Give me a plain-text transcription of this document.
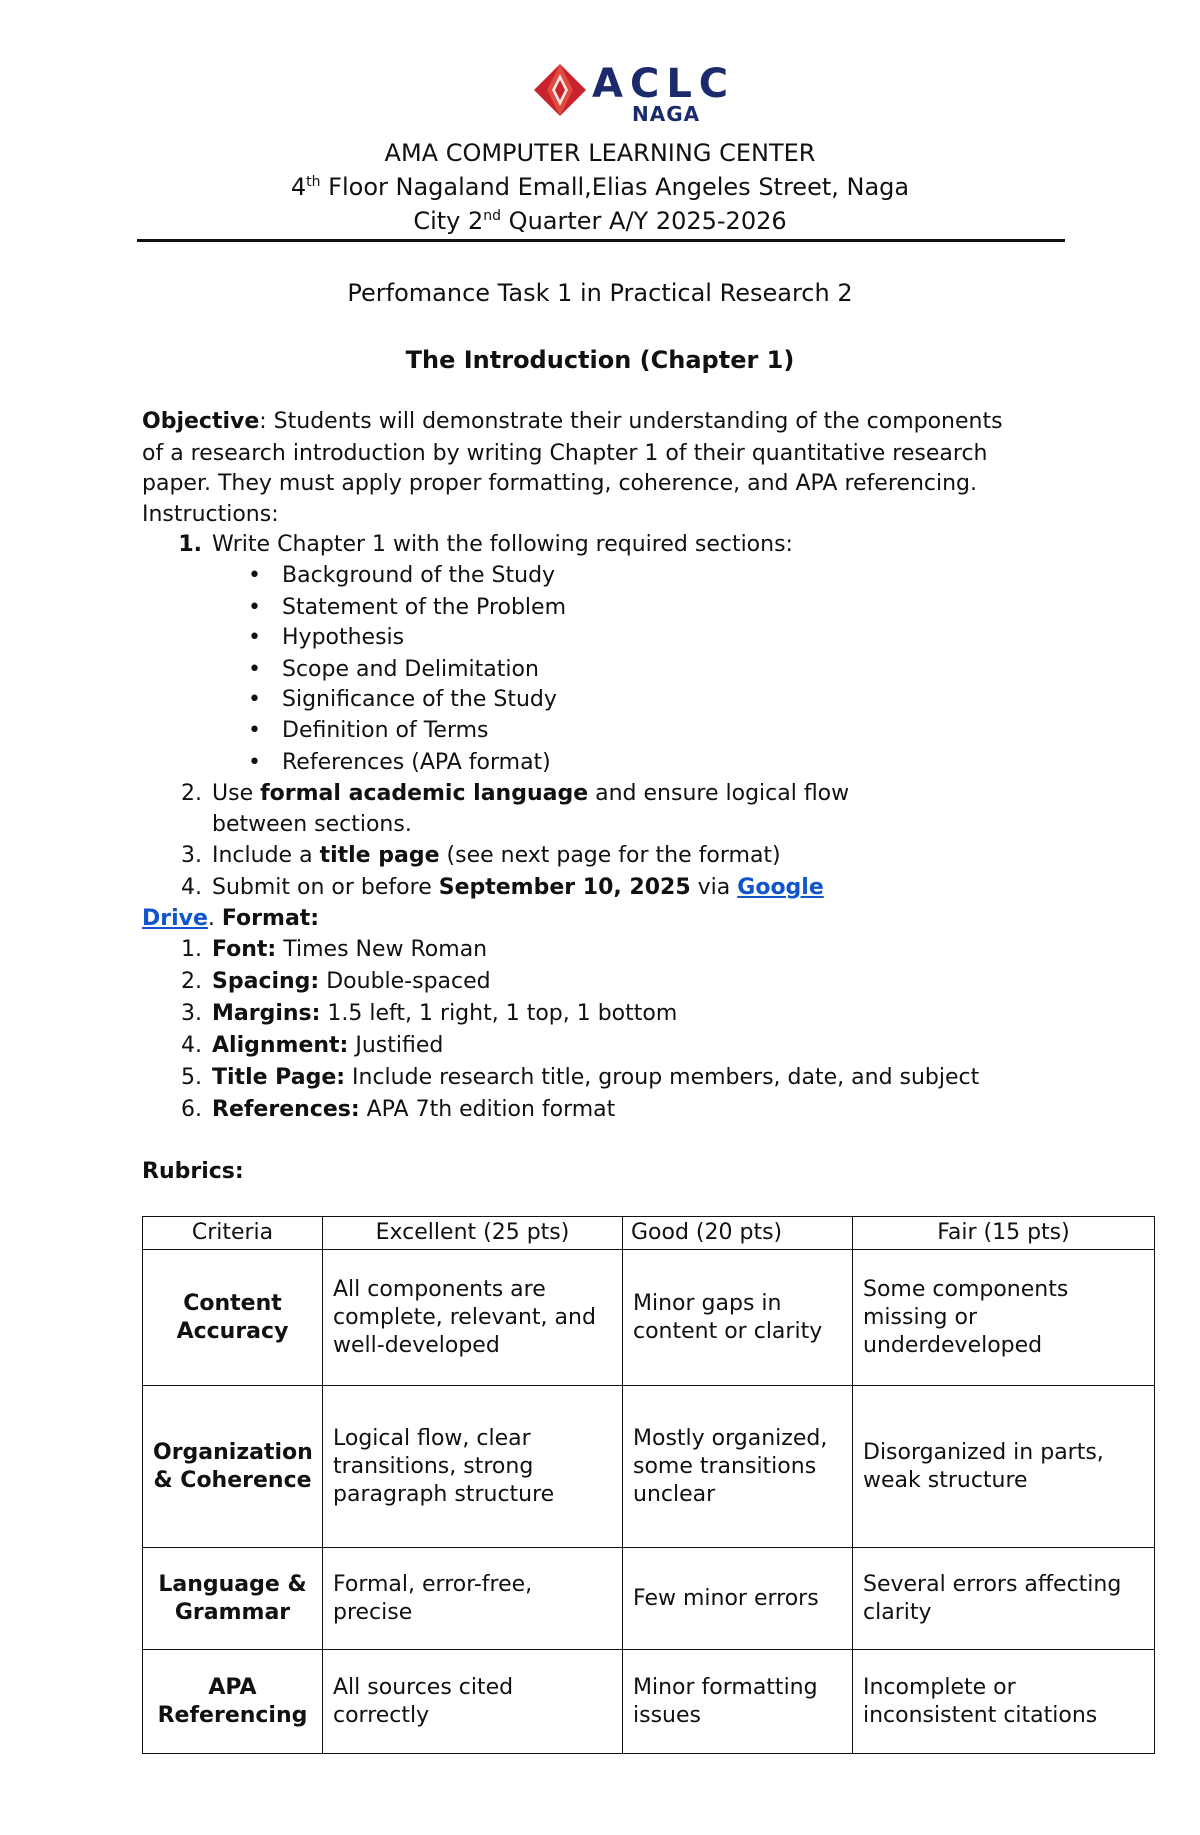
ACLC
NAGA
AMA COMPUTER LEARNING CENTER
4th Floor Nagaland Emall,Elias Angeles Street, Naga
City 2nd Quarter A/Y 2025-2026
Perfomance Task 1 in Practical Research 2
The Introduction (Chapter 1)
Objective: Students will demonstrate their understanding of the components
of a research introduction by writing Chapter 1 of their quantitative research
paper. They must apply proper formatting, coherence, and APA referencing.
Instructions:
1. Write Chapter 1 with the following required sections:
• Background of the Study
• Statement of the Problem
• Hypothesis
• Scope and Delimitation
• Significance of the Study
• Definition of Terms
• References (APA format)
2. Use formal academic language and ensure logical flow
between sections.
3. Include a title page (see next page for the format)
4. Submit on or before September 10, 2025 via Google
Drive. Format:
1. Font: Times New Roman
2. Spacing: Double-spaced
3. Margins: 1.5 left, 1 right, 1 top, 1 bottom
4. Alignment: Justified
5. Title Page: Include research title, group members, date, and subject
6. References: APA 7th edition format
Rubrics:
Criteria	Excellent (25 pts)	Good (20 pts)	Fair (15 pts)
Content Accuracy	All components are complete, relevant, and well-developed	Minor gaps in content or clarity	Some components missing or underdeveloped
Organization & Coherence	Logical flow, clear transitions, strong paragraph structure	Mostly organized, some transitions unclear	Disorganized in parts, weak structure
Language & Grammar	Formal, error-free, precise	Few minor errors	Several errors affecting clarity
APA Referencing	All sources cited correctly	Minor formatting issues	Incomplete or inconsistent citations
